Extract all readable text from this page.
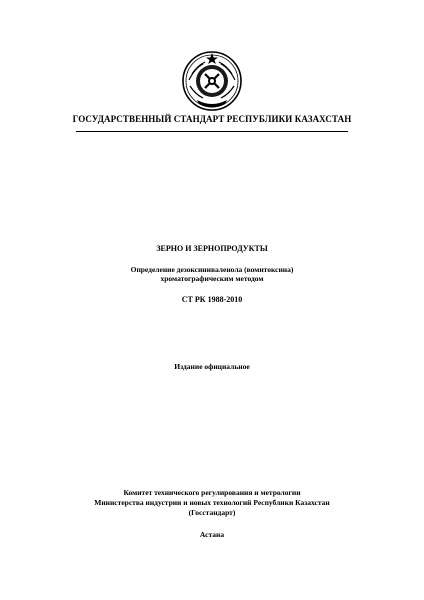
ГОСУДАРСТВЕННЫЙ СТАНДАРТ РЕСПУБЛИКИ КАЗАХСТАН
ЗЕРНО И ЗЕРНОПРОДУКТЫ
Определение дезоксиниваленола (вомитоксина)
хроматографическим методом
СТ РК 1988-2010
Издание официальное
Комитет технического регулирования и метрологии
Министерства индустрии и новых технологий Республики Казахстан
(Госстандарт)
Астана
